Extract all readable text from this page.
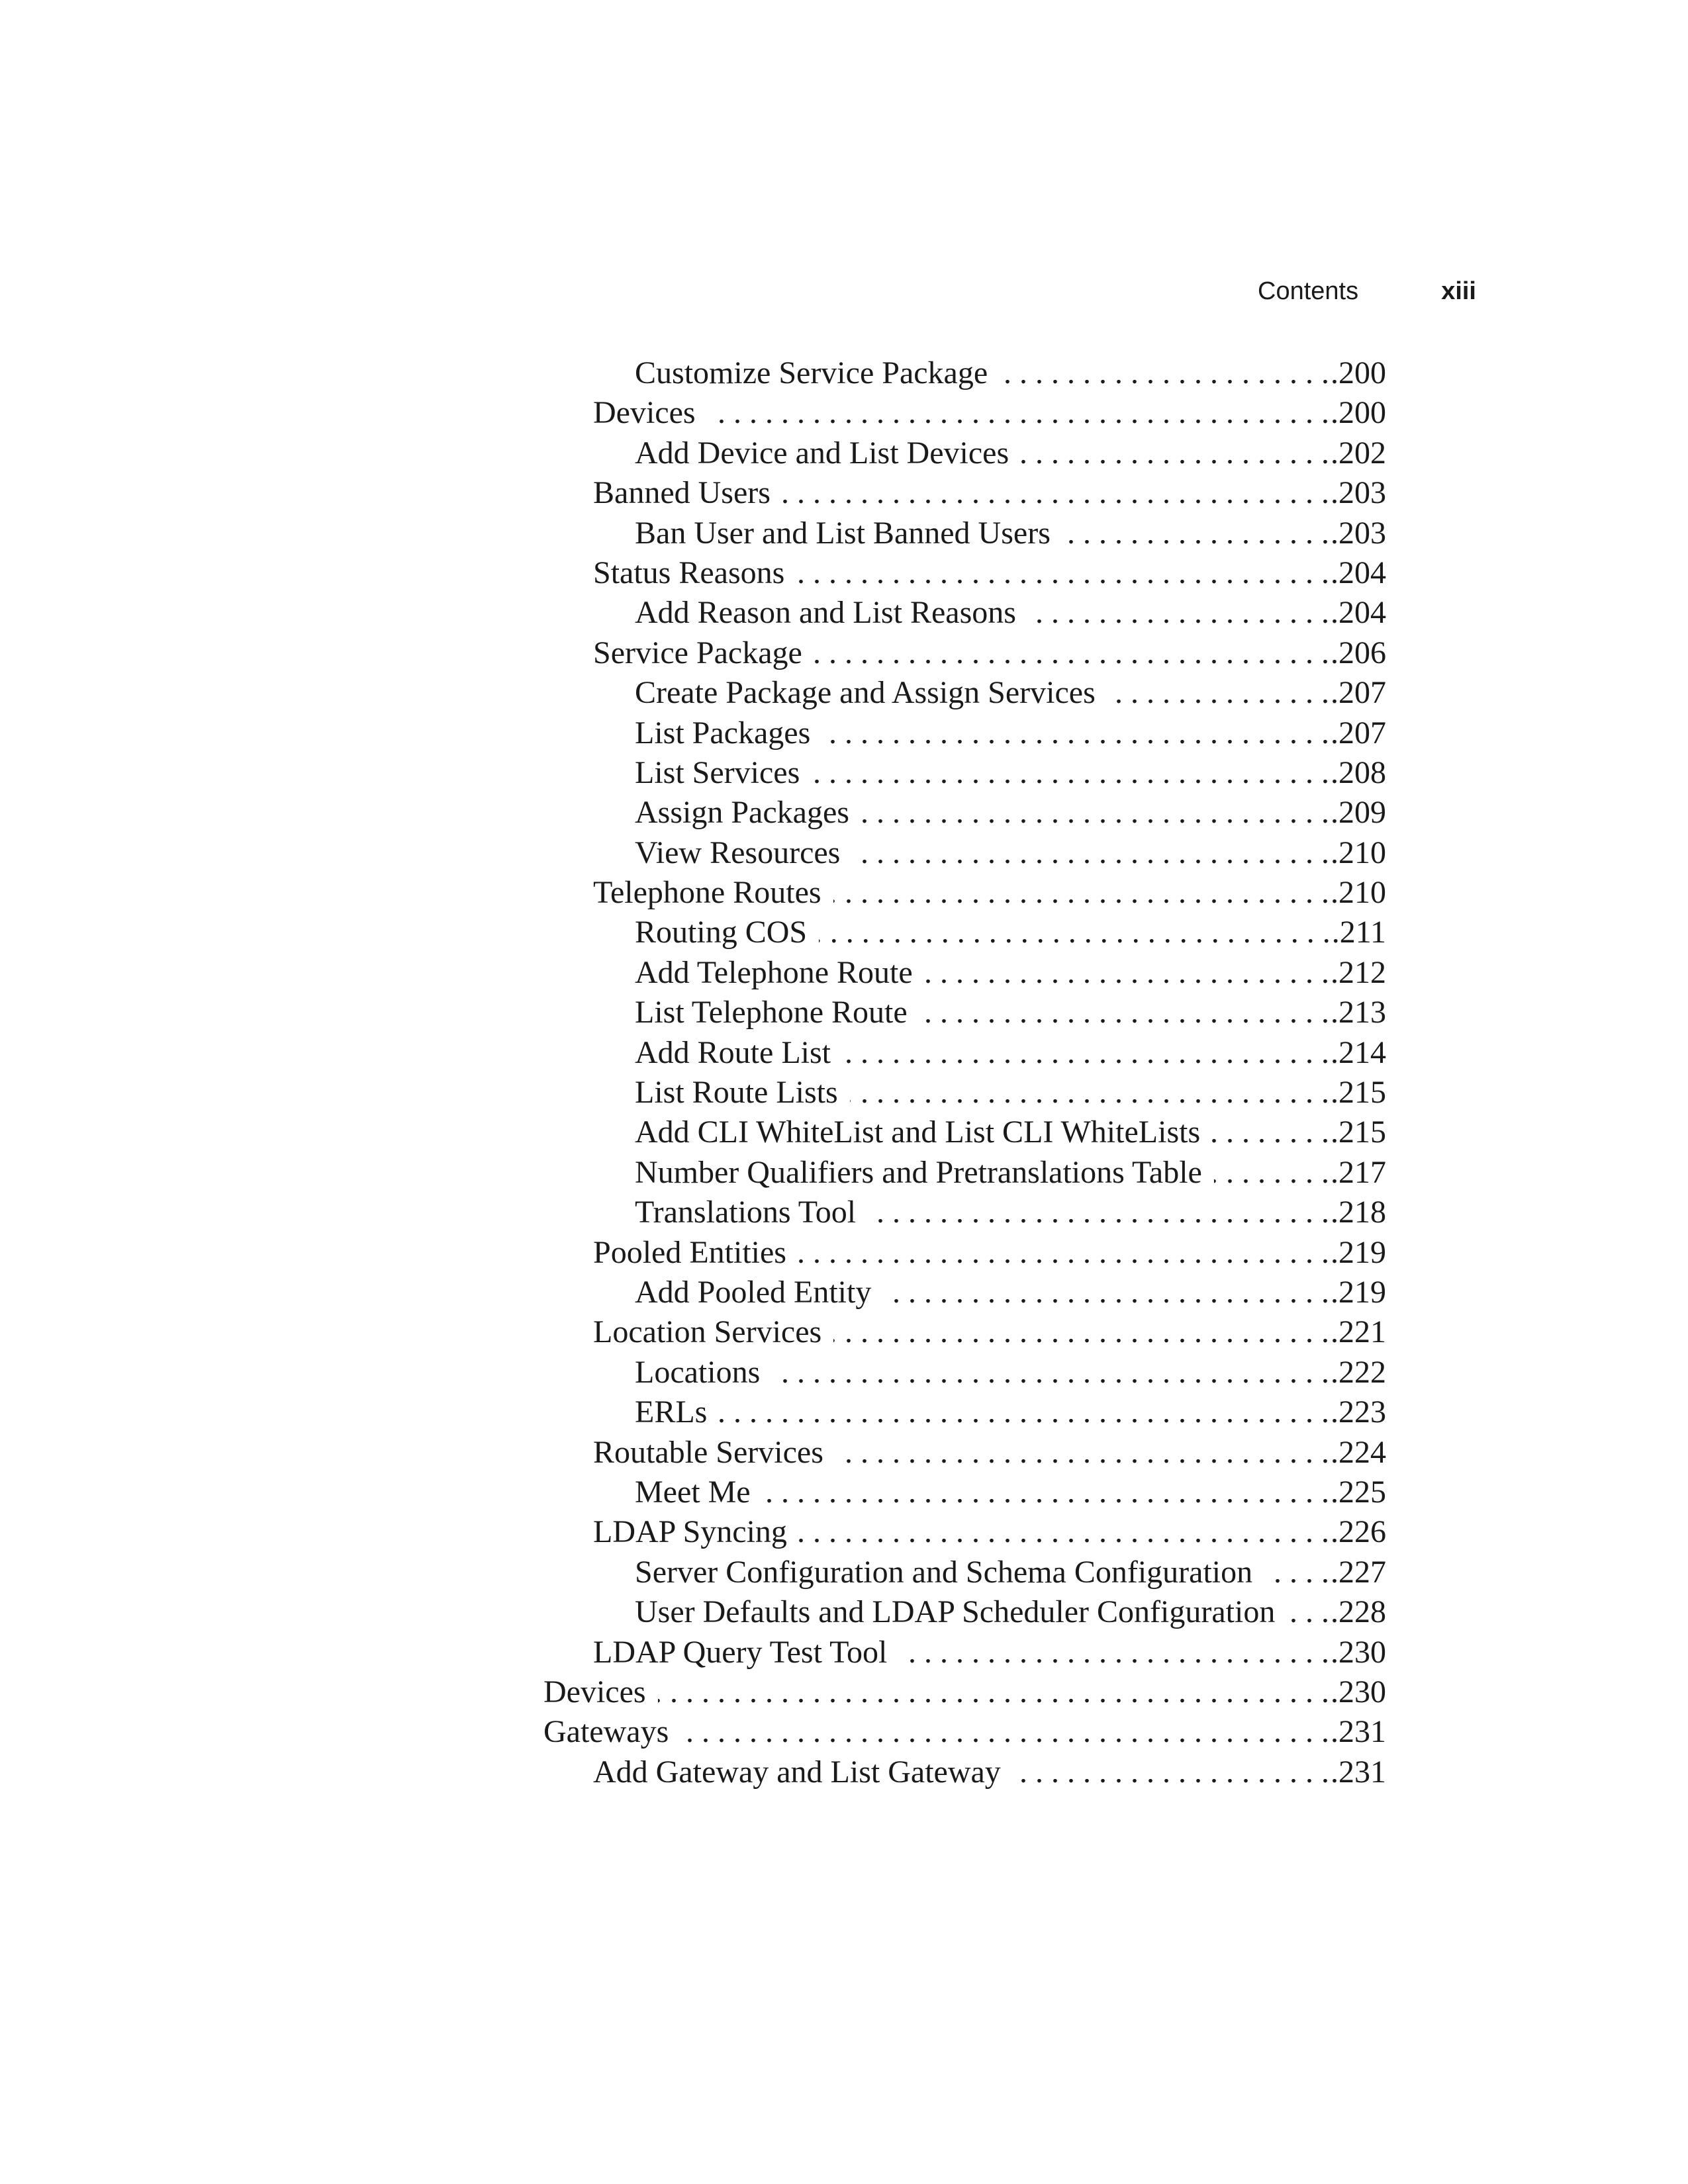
Contents	xiii
Customize Service Package . . .	.200
Devices . . .	.200
Add Device and List Devices . . .	.202
Banned Users . . .	.203
Ban User and List Banned Users . . .	.203
Status Reasons . . .	.204
Add Reason and List Reasons . . .	.204
Service Package . . .	.206
Create Package and Assign Services . . .	.207
List Packages . . .	.207
List Services . . .	.208
Assign Packages . . .	.209
View Resources . . .	.210
Telephone Routes . . .	.210
Routing COS . . .	.211
Add Telephone Route . . .	.212
List Telephone Route . . .	.213
Add Route List . . .	.214
List Route Lists . . .	.215
Add CLI WhiteList and List CLI WhiteLists . . .	.215
Number Qualifiers and Pretranslations Table . . .	.217
Translations Tool . . .	.218
Pooled Entities . . .	.219
Add Pooled Entity . . .	.219
Location Services . . .	.221
Locations . . .	.222
ERLs . . .	.223
Routable Services . . .	.224
Meet Me . . .	.225
LDAP Syncing . . .	.226
Server Configuration and Schema Configuration . . .	.227
User Defaults and LDAP Scheduler Configuration . . .	.228
LDAP Query Test Tool . . .	.230
Devices . . .	.230
Gateways . . .	.231
Add Gateway and List Gateway . . .	.231
